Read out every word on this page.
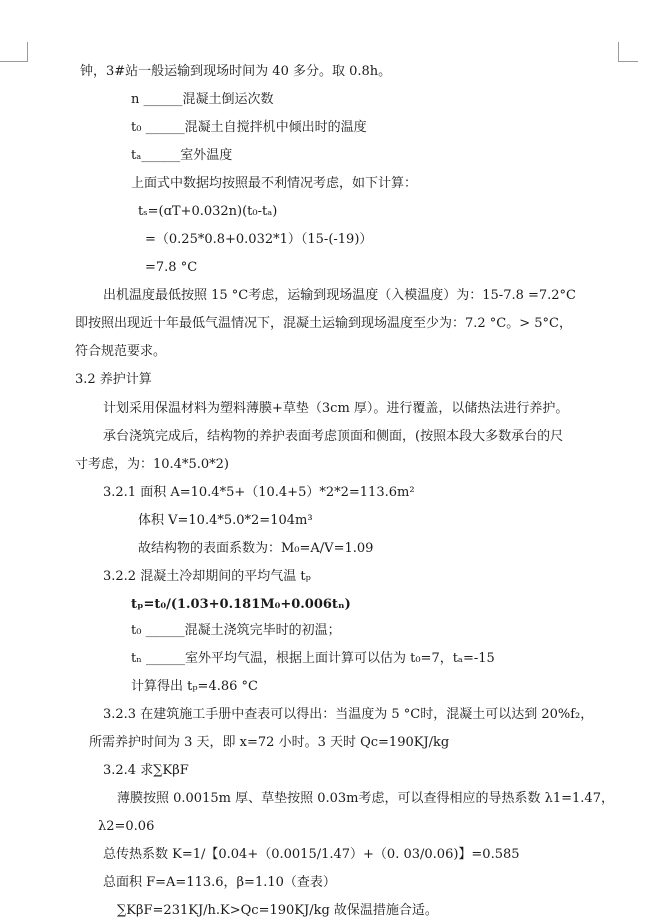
钟，3#站一般运输到现场时间为 40 多分。取 0.8h。
n ______混凝土倒运次数
t₀ ______混凝土自搅拌机中倾出时的温度
tₐ______室外温度
上面式中数据均按照最不利情况考虑，如下计算：
tₛ=(ɑT+0.032n)(t₀-tₐ)
=（0.25*0.8+0.032*1）（15-(-19)）
=7.8 °C
出机温度最低按照 15 °C考虑，运输到现场温度（入模温度）为：15-7.8 =7.2°C
即按照出现近十年最低气温情况下，混凝土运输到现场温度至少为：7.2 °C。> 5°C，
符合规范要求。
3.2 养护计算
计划采用保温材料为塑料薄膜+草垫（3cm 厚）。进行覆盖，以储热法进行养护。
承台浇筑完成后，结构物的养护表面考虑顶面和侧面，(按照本段大多数承台的尺
寸考虑，为：10.4*5.0*2)
3.2.1 面积 A=10.4*5+（10.4+5）*2*2=113.6m²
体积 V=10.4*5.0*2=104m³
故结构物的表面系数为：M₀=A/V=1.09
3.2.2 混凝土冷却期间的平均气温 tₚ
tₚ=t₀/(1.03+0.181M₀+0.006tₙ)
t₀ ______混凝土浇筑完毕时的初温；
tₙ ______室外平均气温，根据上面计算可以估为 t₀=7，tₐ=-15
计算得出 tₚ=4.86 °C
3.2.3 在建筑施工手册中查表可以得出：当温度为 5 °C时，混凝土可以达到 20%f₂，
所需养护时间为 3 天，即 x=72 小时。3 天时 Qc=190KJ/kg
3.2.4 求∑KβF
薄膜按照 0.0015m 厚、草垫按照 0.03m考虑，可以查得相应的导热系数 λ1=1.47，
λ2=0.06
总传热系数 K=1/【0.04+（0.0015/1.47）+（0. 03/0.06)】=0.585
总面积 F=A=113.6，β=1.10（查表）
∑KβF=231KJ/h.K>Qc=190KJ/kg 故保温措施合适。
